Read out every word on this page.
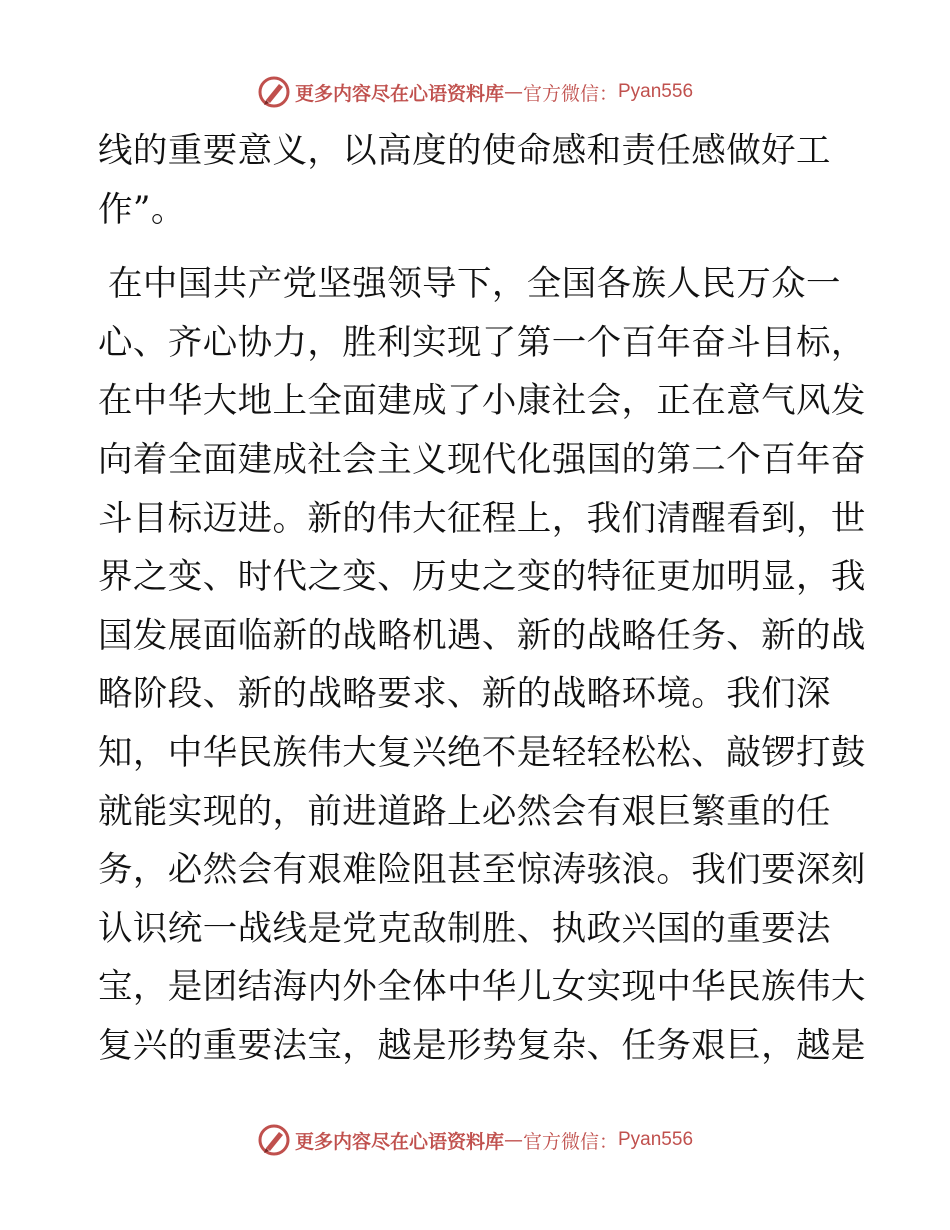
更多内容尽在心语资料库 — 官方微信： Pyan556
线的重要意义，以高度的使命感和责任感做好工
作”。
在中国共产党坚强领导下，全国各族人民万众一
心、齐心协力，胜利实现了第一个百年奋斗目标，
在中华大地上全面建成了小康社会，正在意气风发
向着全面建成社会主义现代化强国的第二个百年奋
斗目标迈进。新的伟大征程上，我们清醒看到，世
界之变、时代之变、历史之变的特征更加明显，我
国发展面临新的战略机遇、新的战略任务、新的战
略阶段、新的战略要求、新的战略环境。我们深
知，中华民族伟大复兴绝不是轻轻松松、敲锣打鼓
就能实现的，前进道路上必然会有艰巨繁重的任
务，必然会有艰难险阻甚至惊涛骇浪。我们要深刻
认识统一战线是党克敌制胜、执政兴国的重要法
宝，是团结海内外全体中华儿女实现中华民族伟大
复兴的重要法宝，越是形势复杂、任务艰巨，越是
更多内容尽在心语资料库 — 官方微信： Pyan556
